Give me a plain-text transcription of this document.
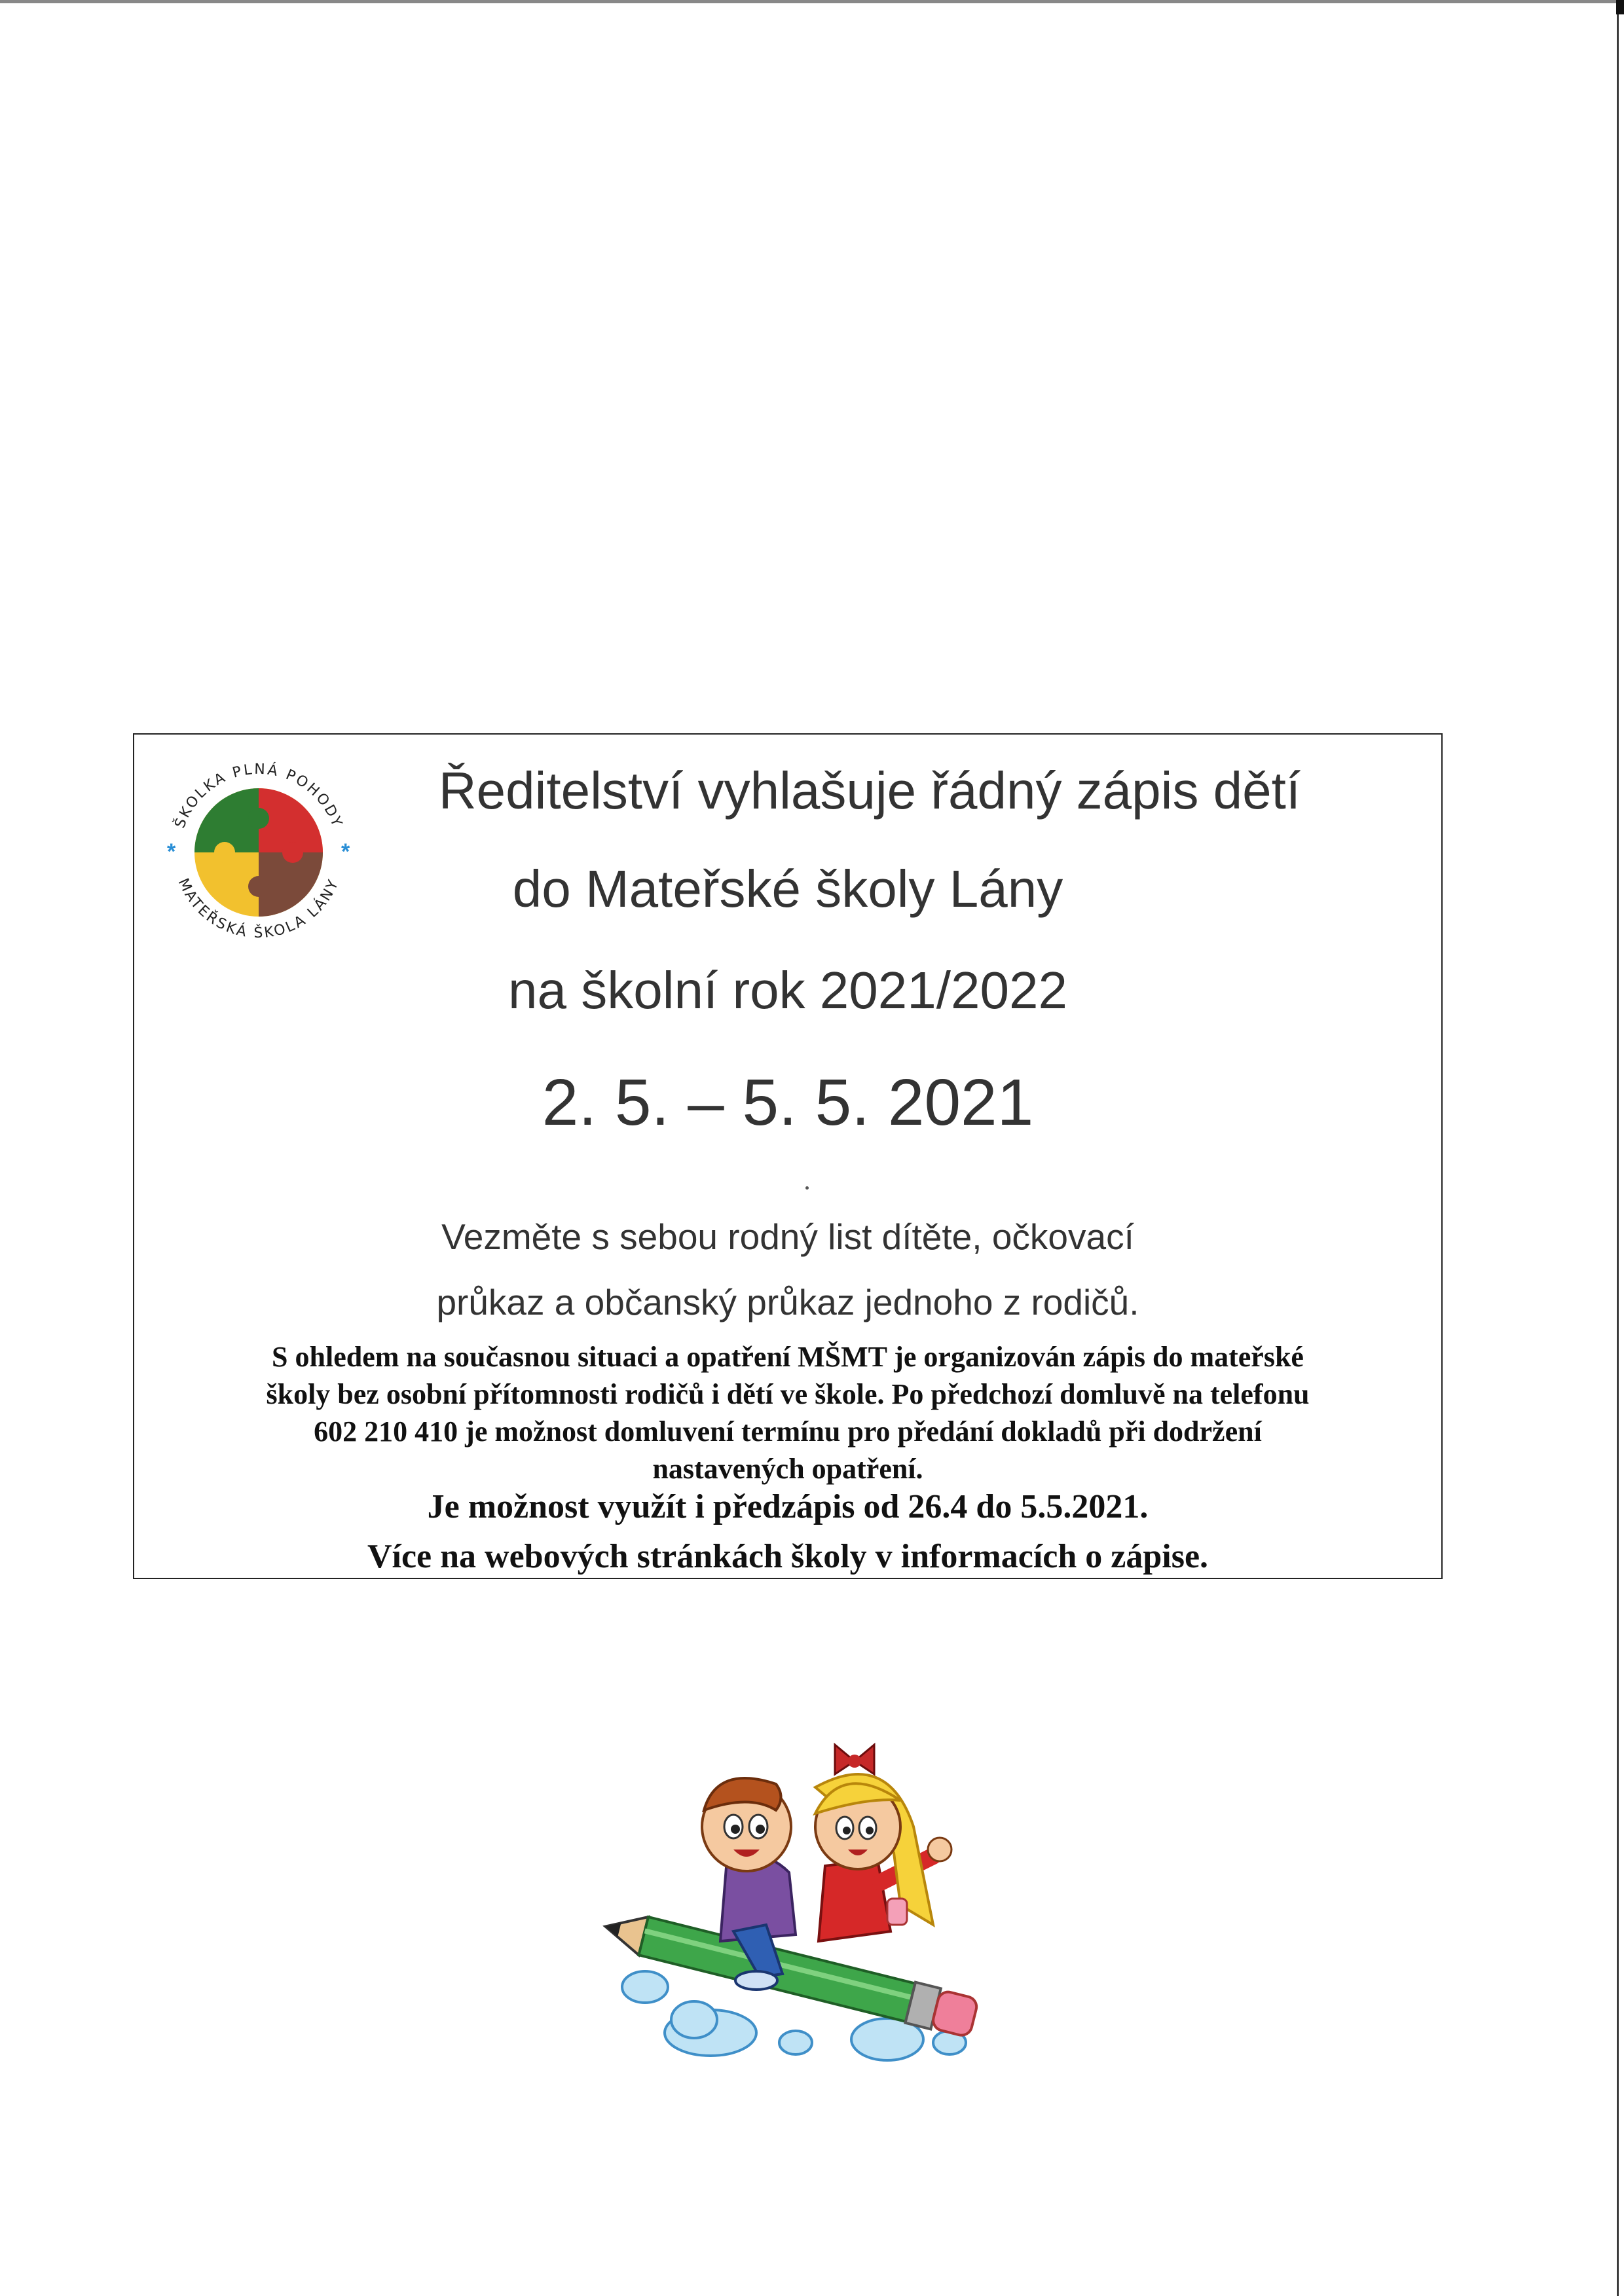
ŠKOLKA PLNÁ POHODY
MATEŘSKÁ ŠKOLA LÁNY
*	*
Ředitelství vyhlašuje řádný zápis dětí
do Mateřské školy Lány
na školní rok 2021/2022
2. 5. – 5. 5. 2021
Vezměte s sebou rodný list dítěte, očkovací
průkaz a občanský průkaz jednoho z rodičů.
S ohledem na současnou situaci a opatření MŠMT je organizován zápis do mateřské
školy bez osobní přítomnosti rodičů i dětí ve škole. Po předchozí domluvě na telefonu
602 210 410 je možnost domluvení termínu pro předání dokladů při dodržení
nastavených opatření.
Je možnost využít i předzápis od 26.4 do 5.5.2021.
Více na webových stránkách školy v informacích o zápise.
